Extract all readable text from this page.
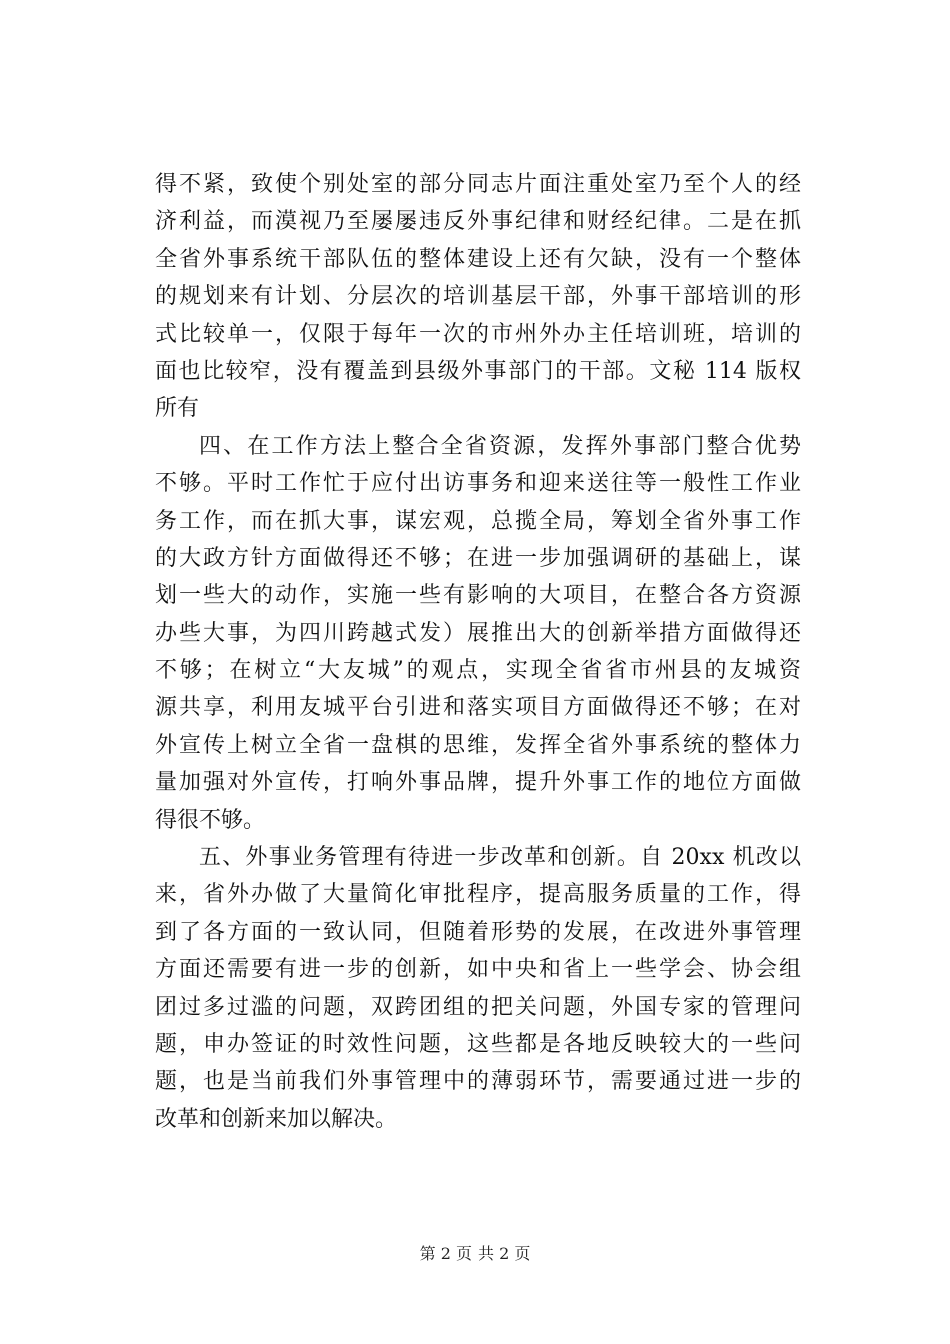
得不紧，致使个别处室的部分同志片面注重处室乃至个人的经
济利益，而漠视乃至屡屡违反外事纪律和财经纪律。二是在抓
全省外事系统干部队伍的整体建设上还有欠缺，没有一个整体
的规划来有计划、分层次的培训基层干部，外事干部培训的形
式比较单一，仅限于每年一次的市州外办主任培训班，培训的
面也比较窄，没有覆盖到县级外事部门的干部。文秘 114 版权
所有
四、在工作方法上整合全省资源，发挥外事部门整合优势
不够。平时工作忙于应付出访事务和迎来送往等一般性工作业
务工作，而在抓大事，谋宏观，总揽全局，筹划全省外事工作
的大政方针方面做得还不够；在进一步加强调研的基础上，谋
划一些大的动作，实施一些有影响的大项目，在整合各方资源
办些大事，为四川跨越式发）展推出大的创新举措方面做得还
不够；在树立“大友城”的观点，实现全省省市州县的友城资
源共享，利用友城平台引进和落实项目方面做得还不够；在对
外宣传上树立全省一盘棋的思维，发挥全省外事系统的整体力
量加强对外宣传，打响外事品牌，提升外事工作的地位方面做
得很不够。
五、外事业务管理有待进一步改革和创新。自 20xx 机改以
来，省外办做了大量简化审批程序，提高服务质量的工作，得
到了各方面的一致认同，但随着形势的发展，在改进外事管理
方面还需要有进一步的创新，如中央和省上一些学会、协会组
团过多过滥的问题，双跨团组的把关问题，外国专家的管理问
题，申办签证的时效性问题，这些都是各地反映较大的一些问
题，也是当前我们外事管理中的薄弱环节，需要通过进一步的
改革和创新来加以解决。
第 2 页 共 2 页
